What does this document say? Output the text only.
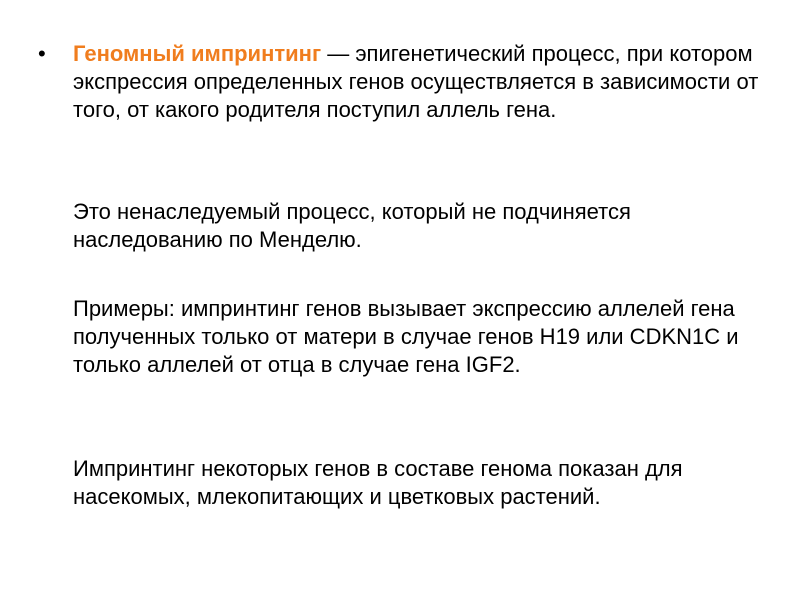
• Геномный импринтинг — эпигенетический процесс, при котором экспрессия определенных генов осуществляется в зависимости от того, от какого родителя поступил аллель гена.

Это ненаследуемый процесс, который не подчиняется наследованию по Менделю.

Примеры: импринтинг генов вызывает экспрессию аллелей гена полученных только от матери в случае генов H19 или CDKN1C и только аллелей от отца в случае гена IGF2.

Импринтинг некоторых генов в составе генома показан для насекомых, млекопитающих и цветковых растений.
